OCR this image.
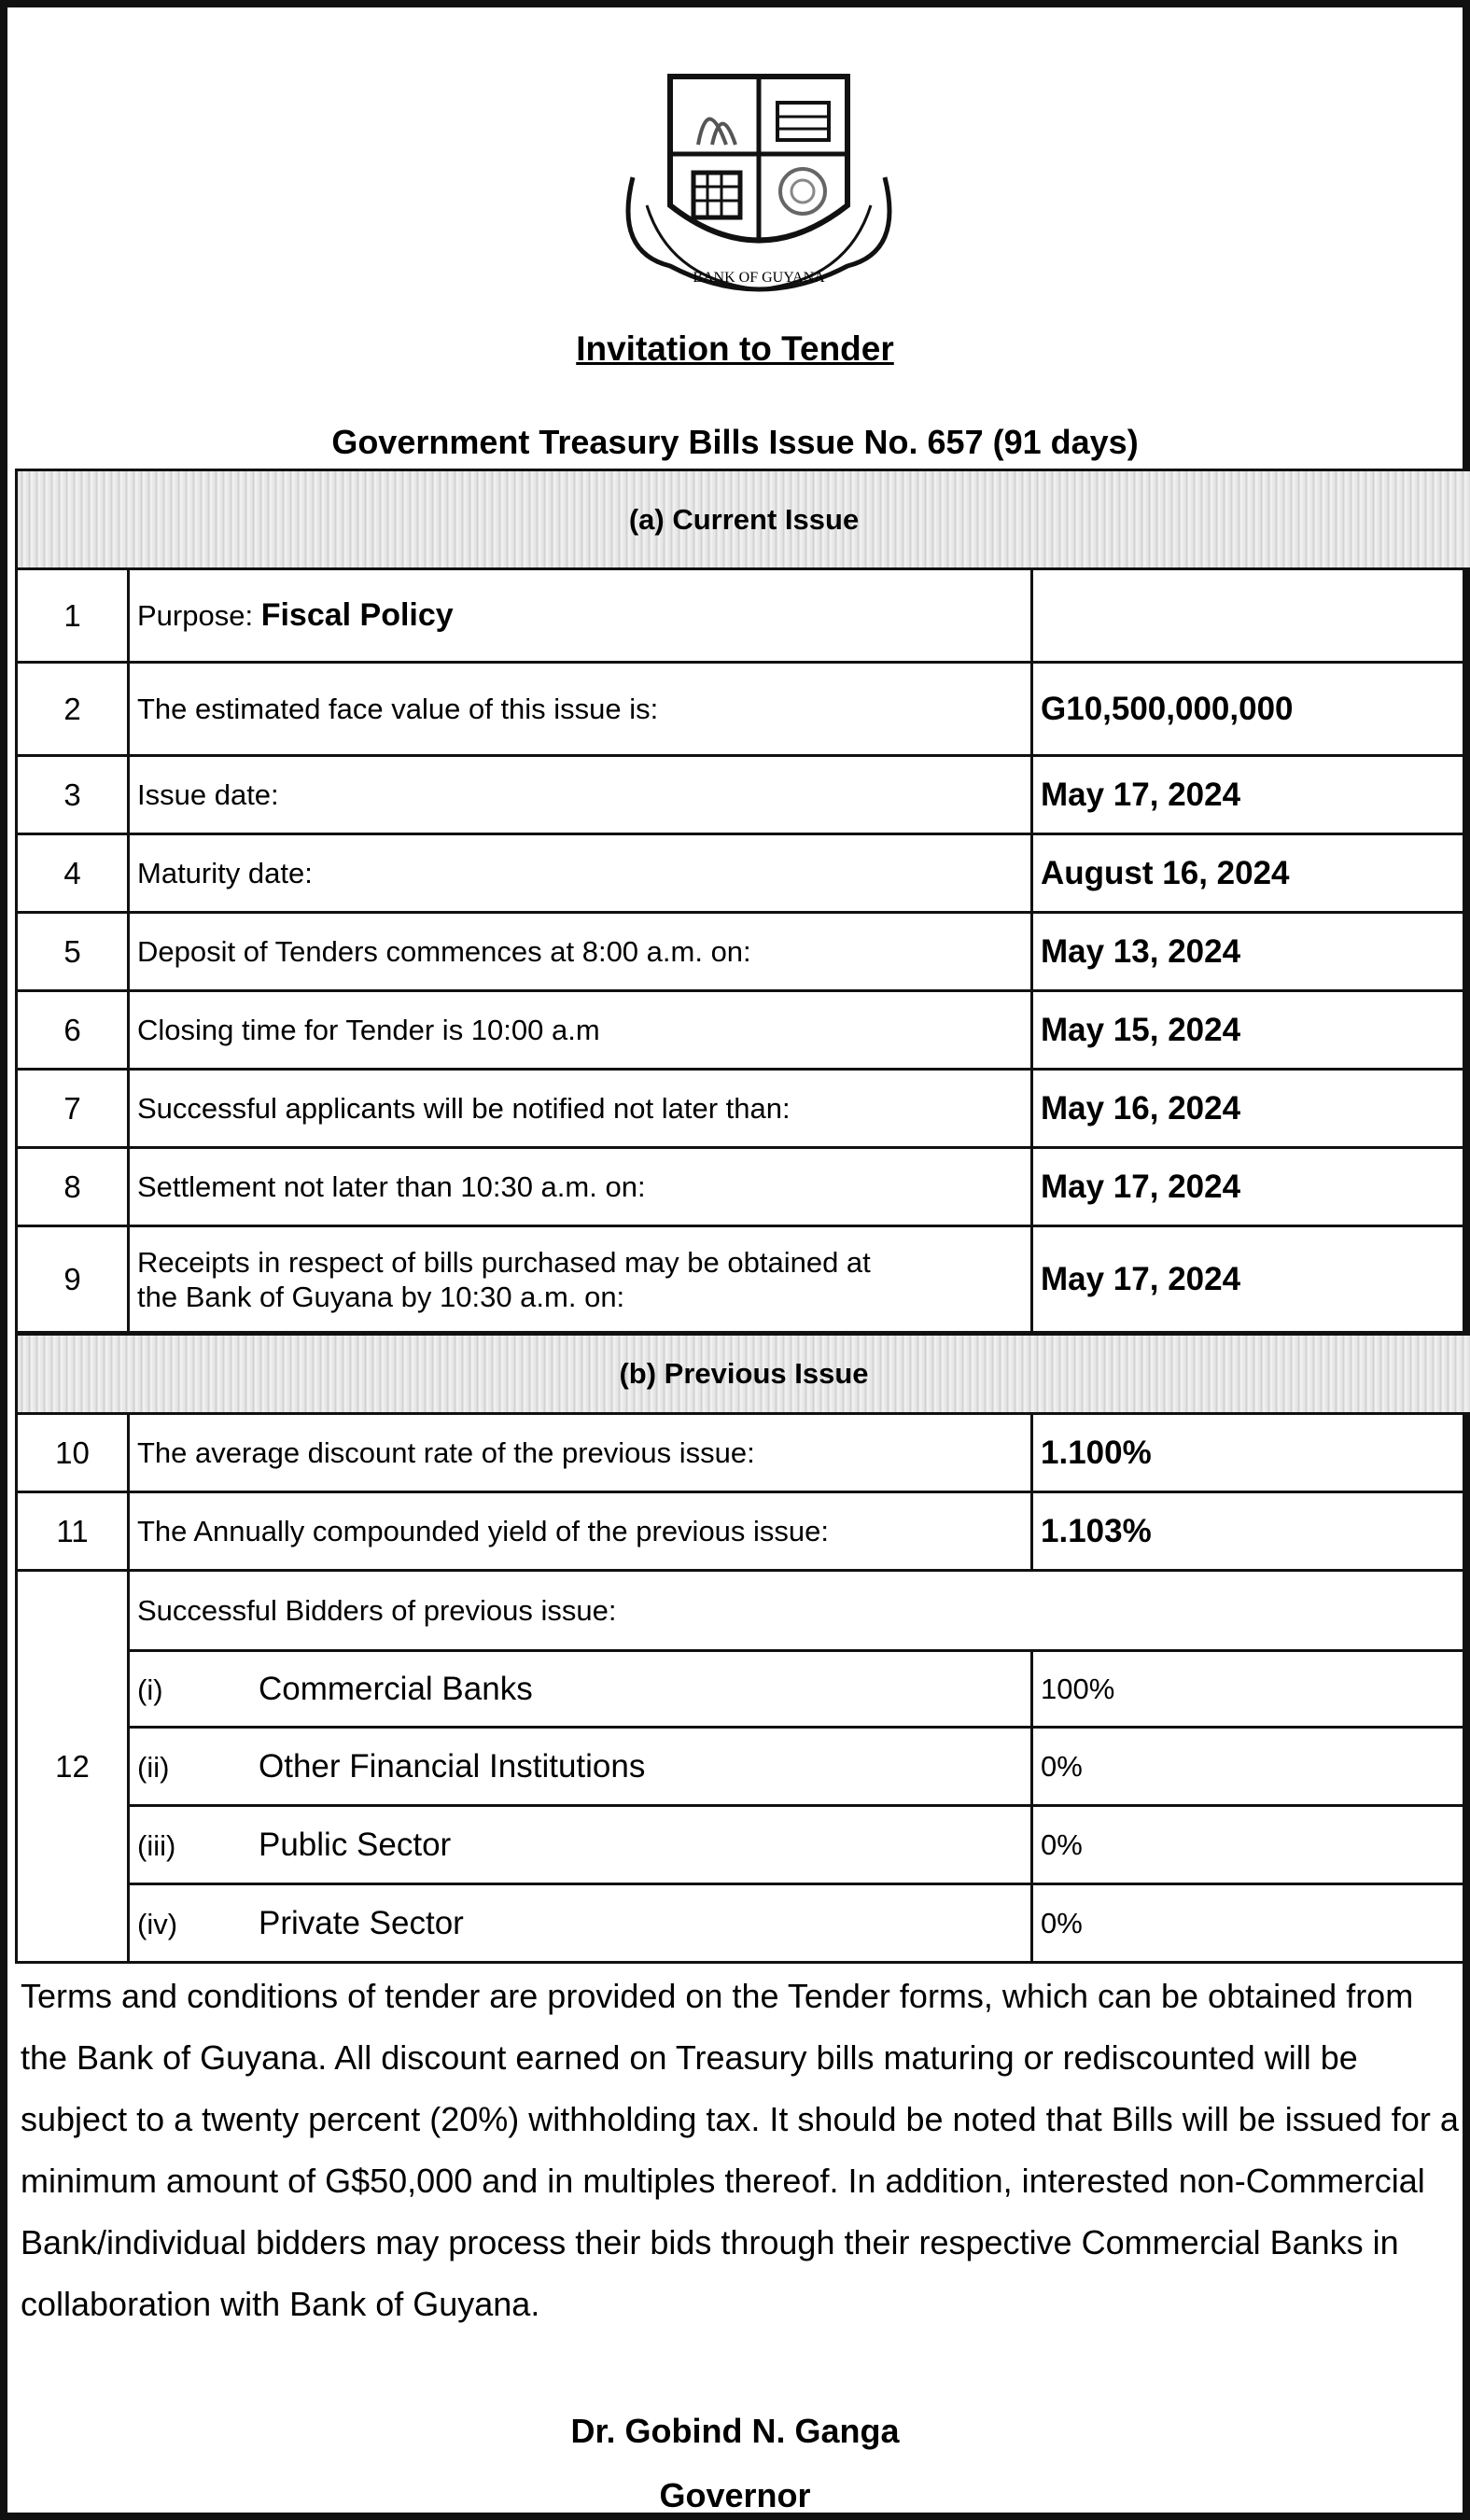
BANK OF GUYANA
Invitation to Tender
Government Treasury Bills Issue No. 657 (91 days)
(a) Current Issue		
1	Purpose: Fiscal Policy	
2	The estimated face value of this issue is:	G10,500,000,000
3	Issue date:	May 17, 2024
4	Maturity date:	August 16, 2024
5	Deposit of Tenders commences at 8:00 a.m. on:	May 13, 2024
6	Closing time for Tender is 10:00 a.m	May 15, 2024
7	Successful applicants will be notified not later than:	May 16, 2024
8	Settlement not later than 10:30 a.m. on:	May 17, 2024
9	Receipts in respect of bills purchased may be obtained at
the Bank of Guyana by 10:30 a.m. on:	May 17, 2024
(b) Previous Issue		
10	The average discount rate of the previous issue:	1.100%
11	The Annually compounded yield of the previous issue:	1.103%
12	Successful Bidders of previous issue:	
	(i) Commercial Banks	100%
	(ii) Other Financial Institutions	0%
	(iii) Public Sector	0%
	(iv) Private Sector	0%
Terms and conditions of tender are provided on the Tender forms, which can be obtained from the Bank of Guyana. All discount earned on Treasury bills maturing or rediscounted will be subject to a twenty percent (20%) withholding tax. It should be noted that Bills will be issued for a minimum amount of G$50,000 and in multiples thereof. In addition, interested non-Commercial Bank/individual bidders may process their bids through their respective Commercial Banks in collaboration with Bank of Guyana.
Dr. Gobind N. Ganga
Governor
